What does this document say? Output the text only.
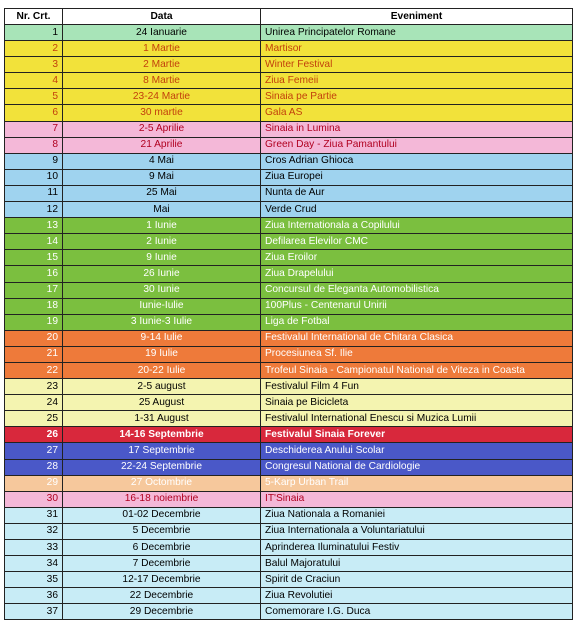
Nr. Crt.	Data	Eveniment
1	24 Ianuarie	Unirea Principatelor Romane
2	1 Martie	Martisor
3	2 Martie	Winter Festival
4	8 Martie	Ziua Femeii
5	23-24 Martie	Sinaia pe Partie
6	30 martie	Gala AS
7	2-5 Aprilie	Sinaia in Lumina
8	21 Aprilie	Green Day - Ziua Pamantului
9	4 Mai	Cros Adrian Ghioca
10	9 Mai	Ziua Europei
11	25 Mai	Nunta de Aur
12	Mai	Verde Crud
13	1 Iunie	Ziua Internationala a Copilului
14	2 Iunie	Defilarea Elevilor CMC
15	9 Iunie	Ziua Eroilor
16	26 Iunie	Ziua Drapelului
17	30 Iunie	Concursul de Eleganta Automobilistica
18	Iunie-Iulie	100Plus - Centenarul Unirii
19	3 Iunie-3 Iulie	Liga de Fotbal
20	9-14 Iulie	Festivalul International de Chitara Clasica
21	19 Iulie	Procesiunea Sf. Ilie
22	20-22 Iulie	Trofeul Sinaia - Campionatul National de Viteza in Coasta
23	2-5 august	Festivalul Film 4 Fun
24	25 August	Sinaia pe Bicicleta
25	1-31 August	Festivalul International Enescu si Muzica Lumii
26	14-16 Septembrie	Festivalul Sinaia Forever
27	17 Septembrie	Deschiderea Anului Scolar
28	22-24 Septembrie	Congresul National de Cardiologie
29	27 Octombrie	5-Karp Urban Trail
30	16-18 noiembrie	IT'Sinaia
31	01-02 Decembrie	Ziua Nationala a Romaniei
32	5 Decembrie	Ziua Internationala a Voluntariatului
33	6 Decembrie	Aprinderea Iluminatului Festiv
34	7 Decembrie	Balul Majoratului
35	12-17 Decembrie	Spirit de Craciun
36	22 Decembrie	Ziua Revolutiei
37	29 Decembrie	Comemorare I.G. Duca
